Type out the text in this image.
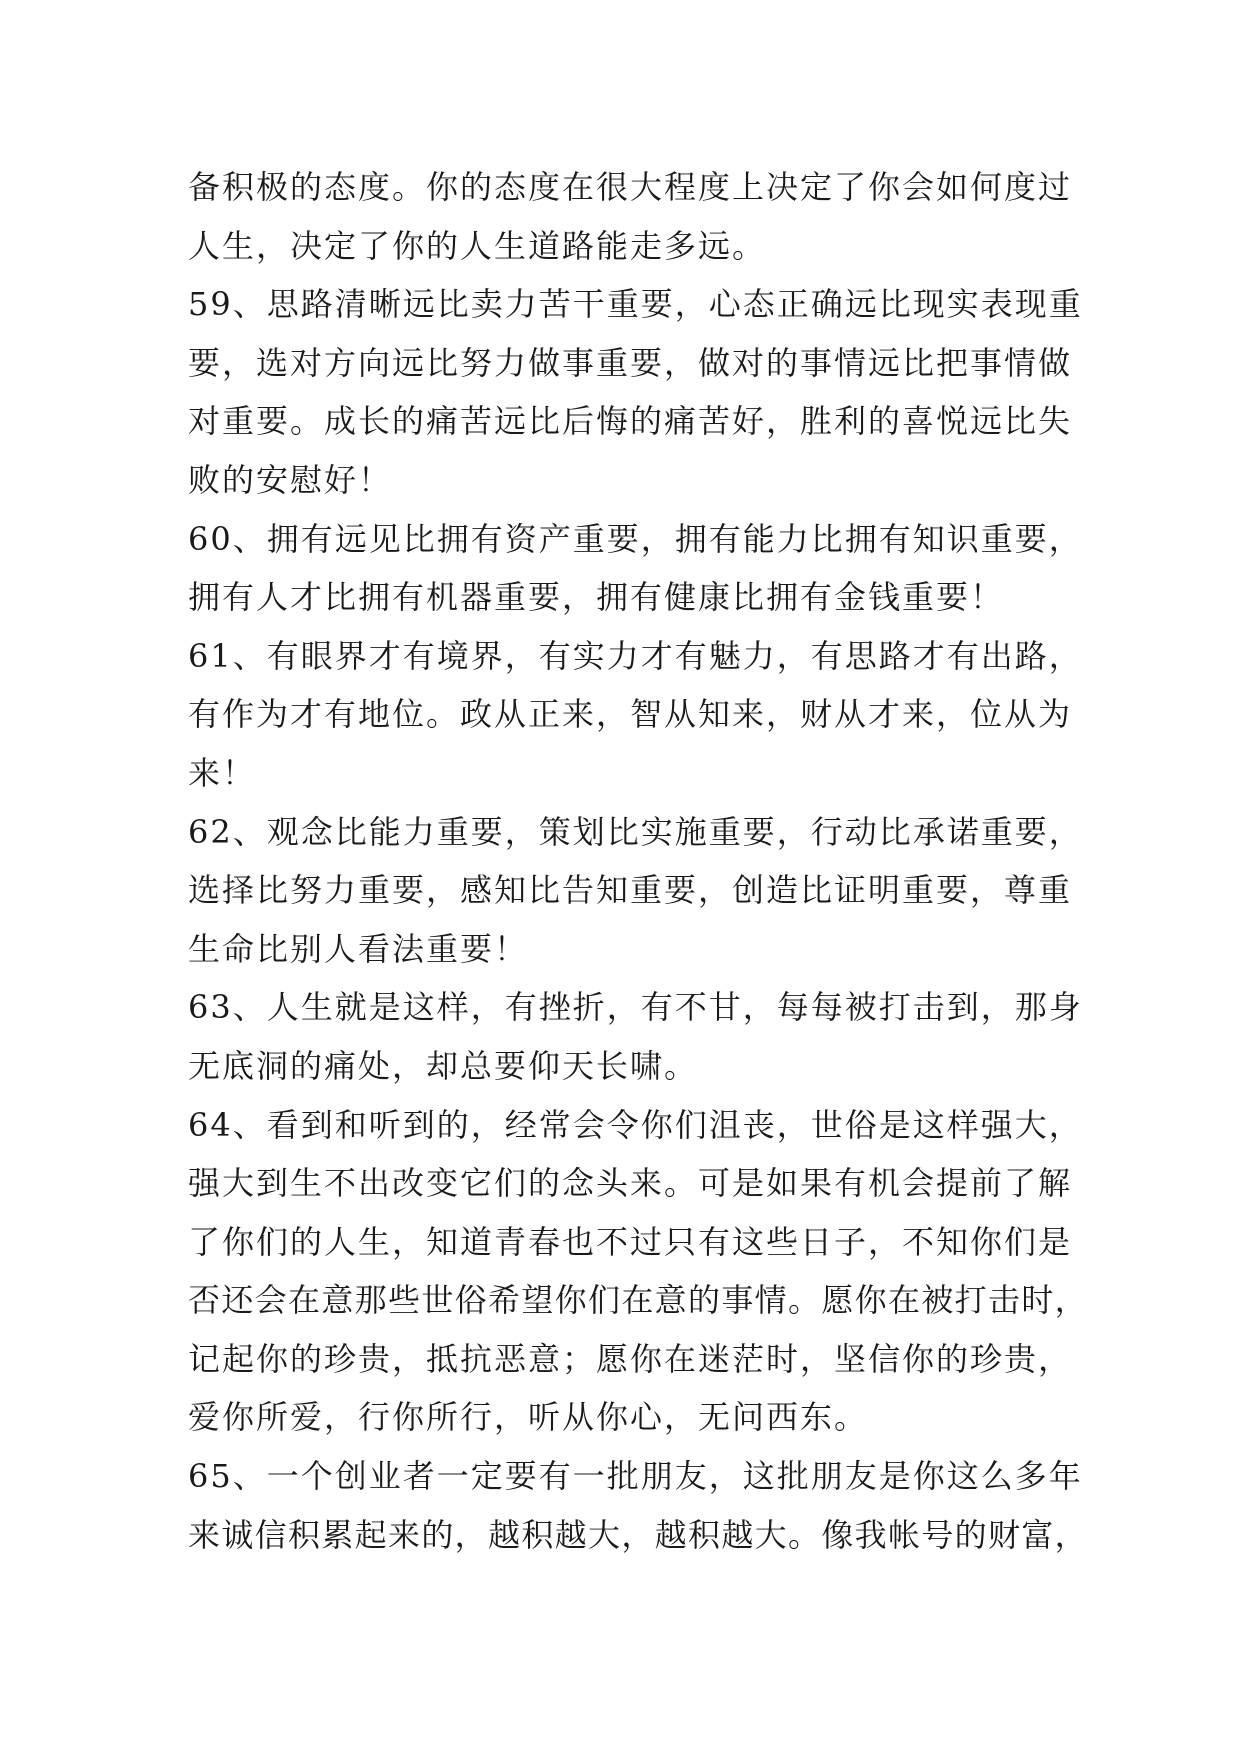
备积极的态度。你的态度在很大程度上决定了你会如何度过
人生，决定了你的人生道路能走多远。
59、思路清晰远比卖力苦干重要，心态正确远比现实表现重
要，选对方向远比努力做事重要，做对的事情远比把事情做
对重要。成长的痛苦远比后悔的痛苦好，胜利的喜悦远比失
败的安慰好！
60、拥有远见比拥有资产重要，拥有能力比拥有知识重要，
拥有人才比拥有机器重要，拥有健康比拥有金钱重要！
61、有眼界才有境界，有实力才有魅力，有思路才有出路，
有作为才有地位。政从正来，智从知来，财从才来，位从为
来！
62、观念比能力重要，策划比实施重要，行动比承诺重要，
选择比努力重要，感知比告知重要，创造比证明重要，尊重
生命比别人看法重要！
63、人生就是这样，有挫折，有不甘，每每被打击到，那身
无底洞的痛处，却总要仰天长啸。
64、看到和听到的，经常会令你们沮丧，世俗是这样强大，
强大到生不出改变它们的念头来。可是如果有机会提前了解
了你们的人生，知道青春也不过只有这些日子，不知你们是
否还会在意那些世俗希望你们在意的事情。愿你在被打击时，
记起你的珍贵，抵抗恶意；愿你在迷茫时，坚信你的珍贵，
爱你所爱，行你所行，听从你心，无问西东。
65、一个创业者一定要有一批朋友，这批朋友是你这么多年
来诚信积累起来的，越积越大，越积越大。像我帐号的财富，
